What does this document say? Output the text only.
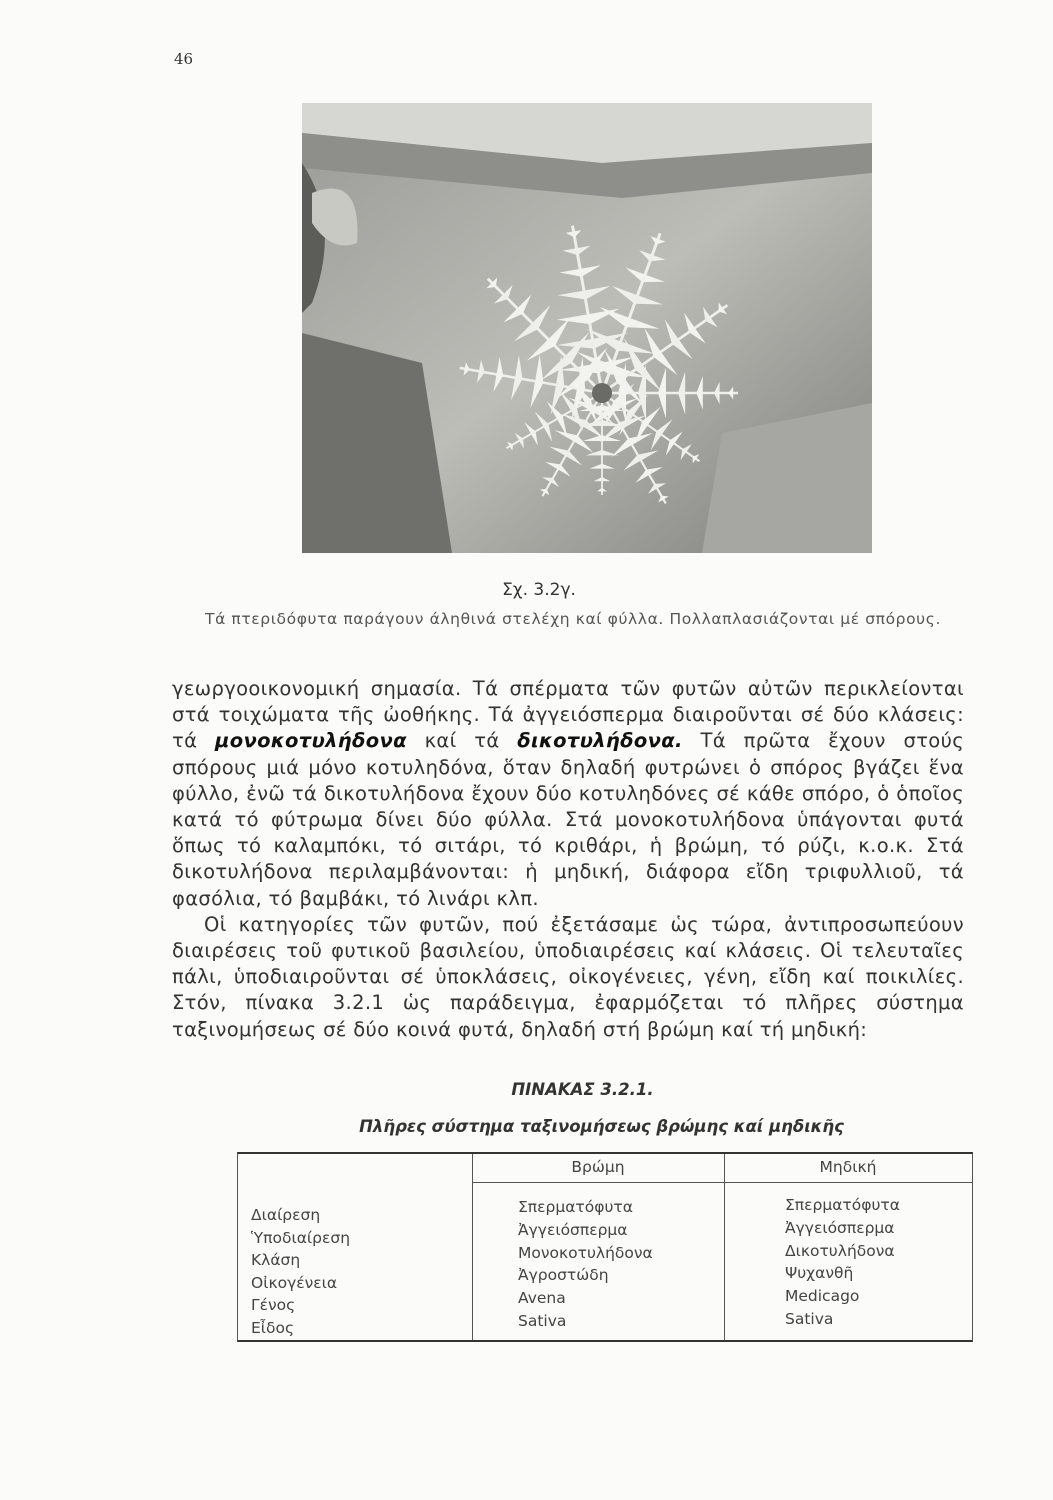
46
Σχ. 3.2γ.
Τά πτεριδόφυτα παράγουν άληθινά στελέχη καί φύλλα. Πολλαπλασιάζονται μέ σπόρους.

γεωργοοικονομική σημασία. Τά σπέρματα τῶν φυτῶν αὐτῶν περικλείονται στά τοιχώματα τῆς ὠοθήκης. Τά ἀγγειόσπερμα διαιροῦνται σέ δύο κλάσεις: τά μονοκοτυλήδονα καί τά δικοτυλήδονα. Τά πρῶτα ἔχουν στούς σπόρους μιά μόνο κοτυληδόνα, ὅταν δηλαδή φυτρώνει ὁ σπόρος βγάζει ἕνα φύλλο, ἐνῶ τά δικοτυλήδονα ἔχουν δύο κοτυληδόνες σέ κάθε σπόρο, ὁ ὁποῖος κατά τό φύτρωμα δίνει δύο φύλλα. Στά μονοκοτυλήδονα ὑπάγονται φυτά ὅπως τό καλαμπόκι, τό σιτάρι, τό κριθάρι, ἡ βρώμη, τό ρύζι, κ.ο.κ. Στά δικοτυλήδονα περιλαμβάνονται: ἡ μηδική, διάφορα εἴδη τριφυλλιοῦ, τά φασόλια, τό βαμβάκι, τό λινάρι κλπ.

Οἱ κατηγορίες τῶν φυτῶν, πού ἐξετάσαμε ὡς τώρα, ἀντιπροσωπεύουν διαιρέσεις τοῦ φυτικοῦ βασιλείου, ὑποδιαιρέσεις καί κλάσεις. Οἱ τελευταῖες πάλι, ὑποδιαιροῦνται σέ ὑποκλάσεις, οἰκογένειες, γένη, εἴδη καί ποικιλίες. Στόν, πίνακα 3.2.1 ὡς παράδειγμα, ἐφαρμόζεται τό πλῆρες σύστημα ταξινομήσεως σέ δύο κοινά φυτά, δηλαδή στή βρώμη καί τή μηδική:

ΠΙΝΑΚΑΣ 3.2.1.
Πλῆρες σύστημα ταξινομήσεως βρώμης καί μηδικῆς
Βρώμη	Μηδική
Διαίρεση
Ὑποδιαίρεση
Κλάση
Οἰκογένεια
Γένος
Εἶδος
Σπερματόφυτα
Ἀγγειόσπερμα
Μονοκοτυλήδονα
Ἀγροστώδη
Avena
Sativa
Σπερματόφυτα
Ἀγγειόσπερμα
Δικοτυλήδονα
Ψυχανθῆ
Medicago
Sativa
